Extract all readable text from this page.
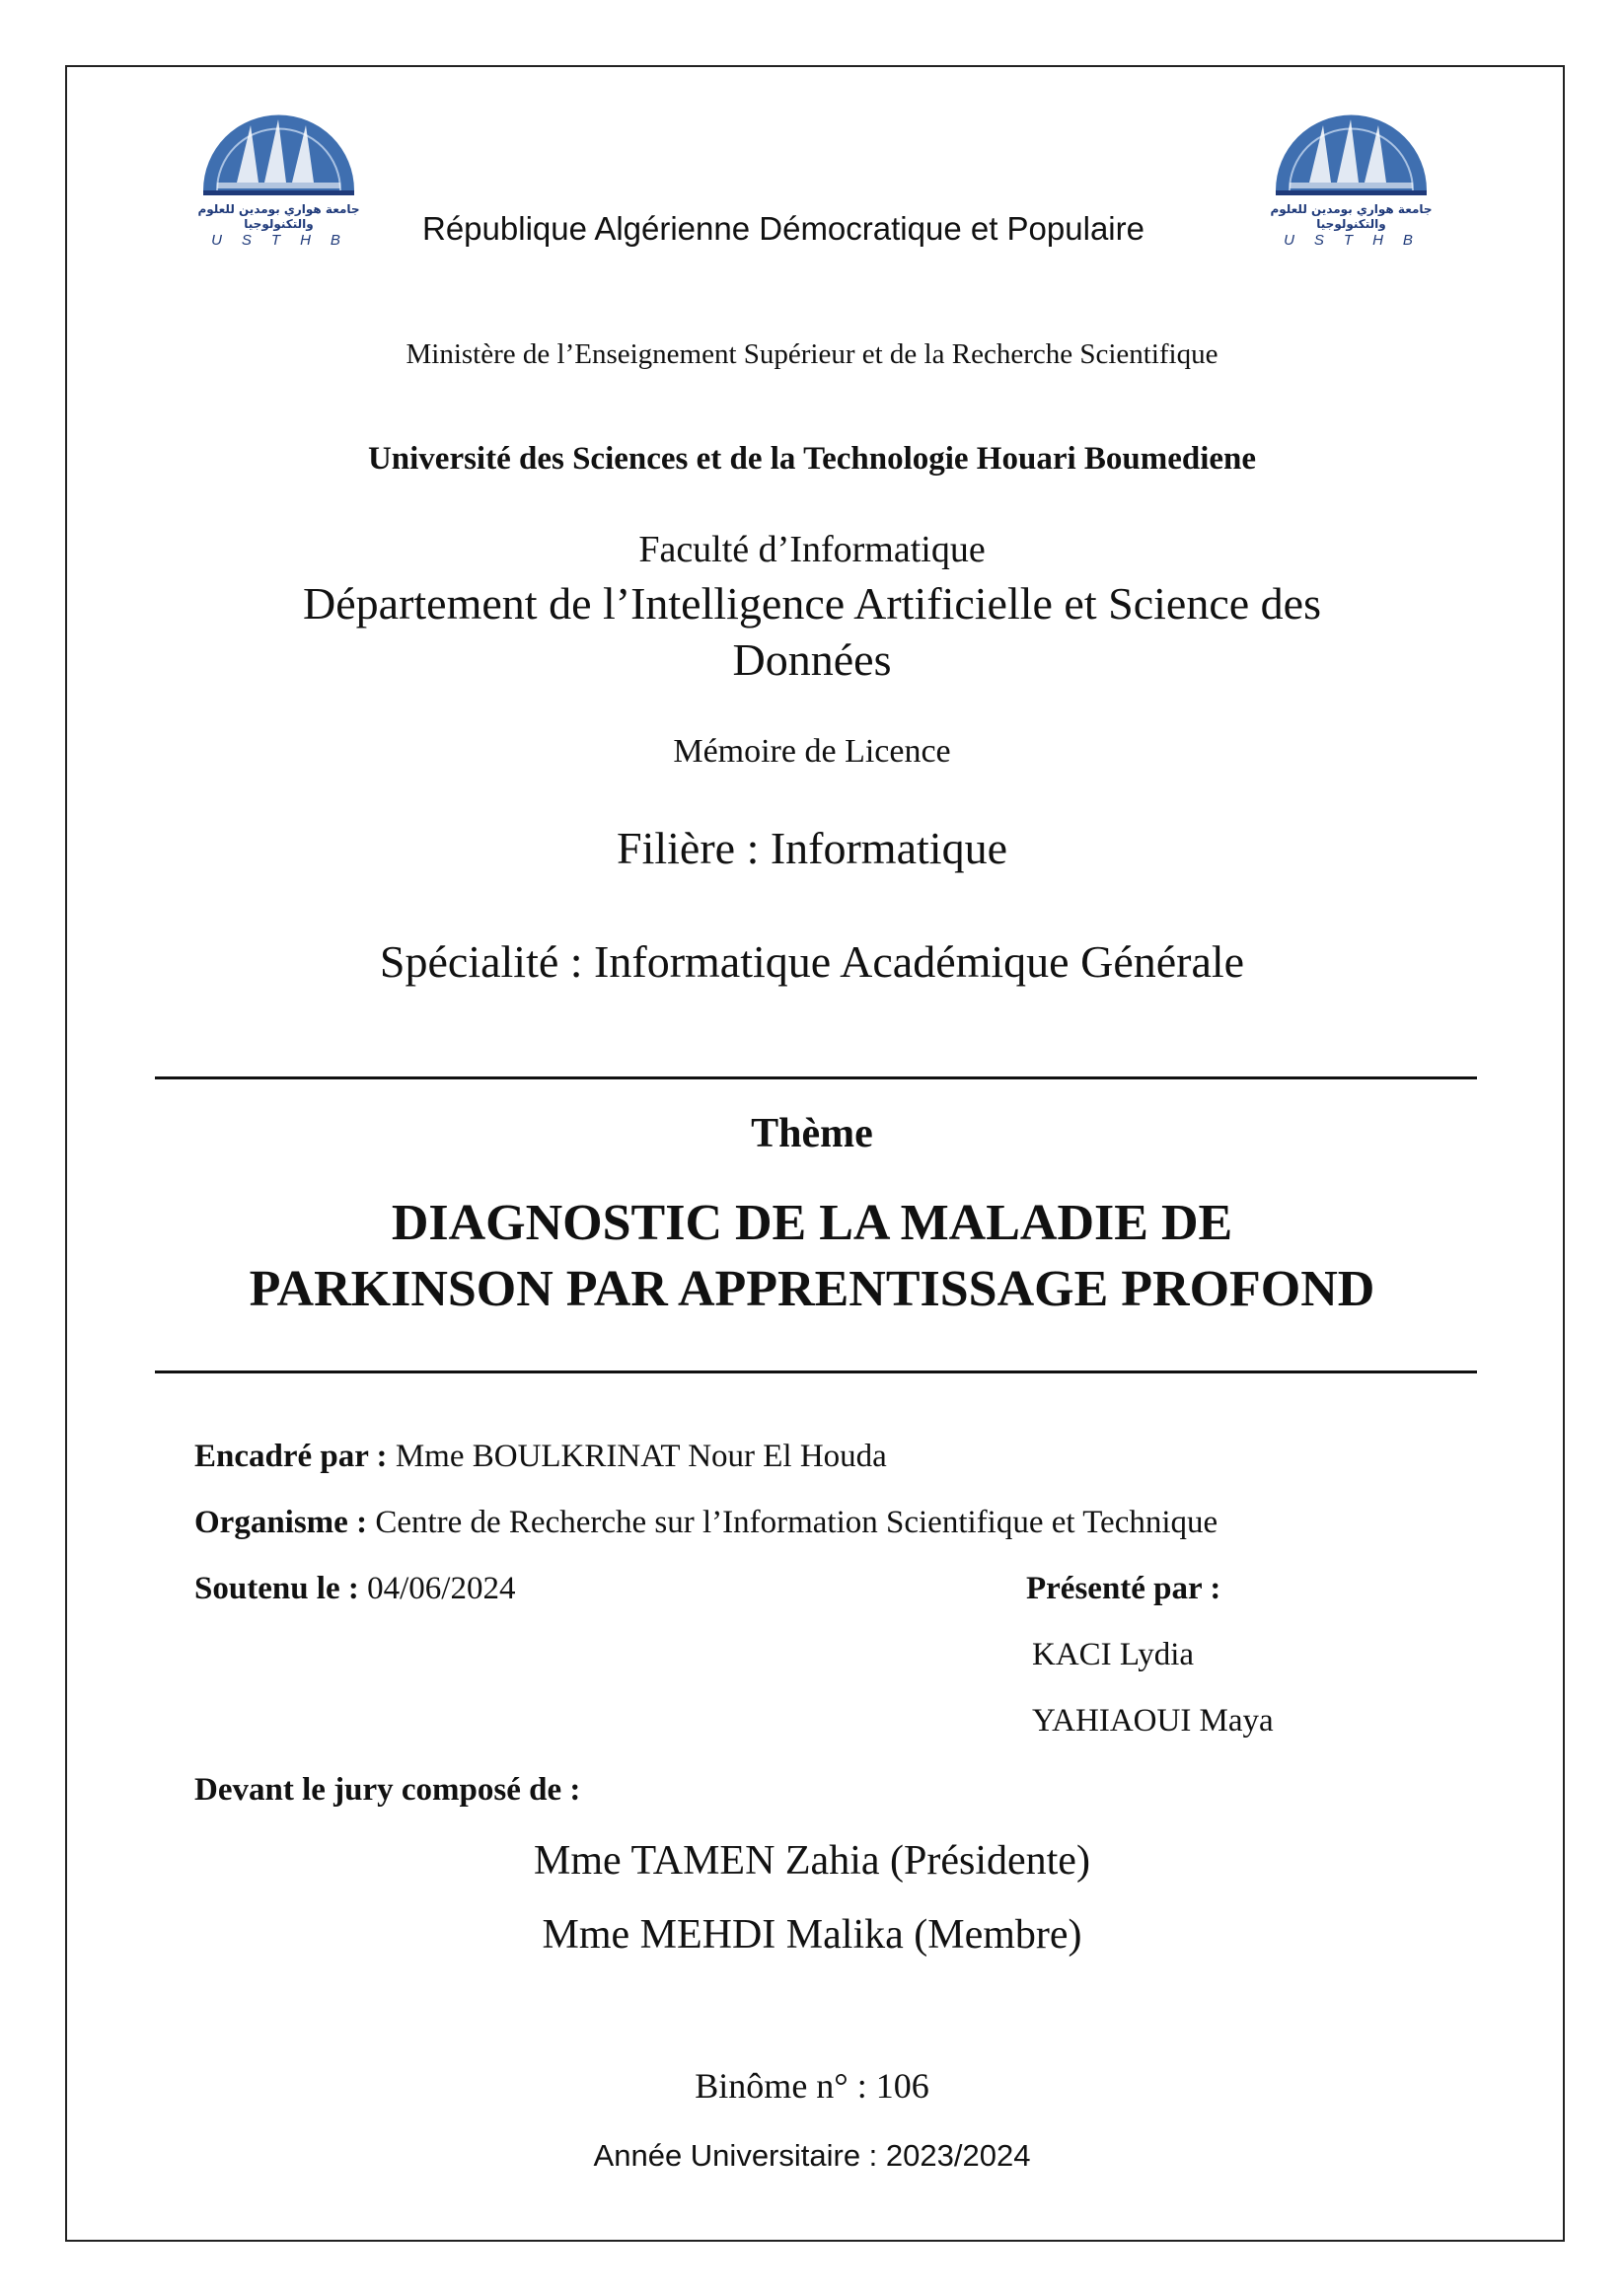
جامعة هواري بومدين للعلوم والتكنولوجيا
USTHB
جامعة هواري بومدين للعلوم والتكنولوجيا
USTHB
République Algérienne Démocratique et Populaire
Ministère de l’Enseignement Supérieur et de la Recherche Scientifique
Université des Sciences et de la Technologie Houari Boumediene
Faculté d’Informatique
Département de l’Intelligence Artificielle et Science des
Données
Mémoire de Licence
Filière : Informatique
Spécialité : Informatique Académique Générale
Thème
DIAGNOSTIC DE LA MALADIE DE
PARKINSON PAR APPRENTISSAGE PROFOND
Encadré par : Mme BOULKRINAT Nour El Houda
Organisme : Centre de Recherche sur l’Information Scientifique et Technique
Soutenu le : 04/06/2024	Présenté par :
KACI Lydia
YAHIAOUI Maya
Devant le jury composé de :
Mme TAMEN Zahia (Présidente)
Mme MEHDI Malika (Membre)
Binôme n° : 106
Année Universitaire : 2023/2024
